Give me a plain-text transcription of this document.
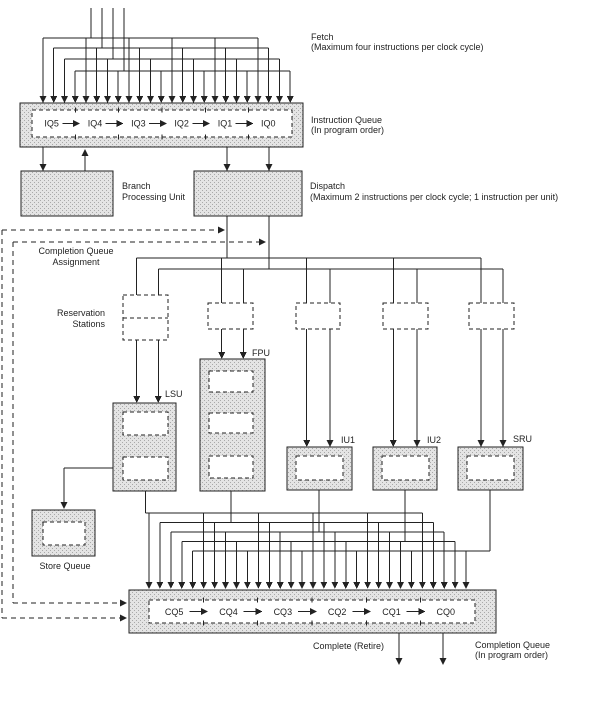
IQ5	IQ4	IQ3	IQ2	IQ1	IQ0
CQ5	CQ4	CQ3	CQ2	CQ1	CQ0
Fetch
(Maximum four instructions per clock cycle)
Instruction Queue
(In program order)
Branch
Processing Unit
Dispatch
(Maximum 2 instructions per clock cycle; 1 instruction per unit)
Completion Queue
Assignment
Reservation
Stations
FPU
LSU
IU1	IU2	SRU
Store Queue
Complete (Retire)	Completion Queue
(In program order)
